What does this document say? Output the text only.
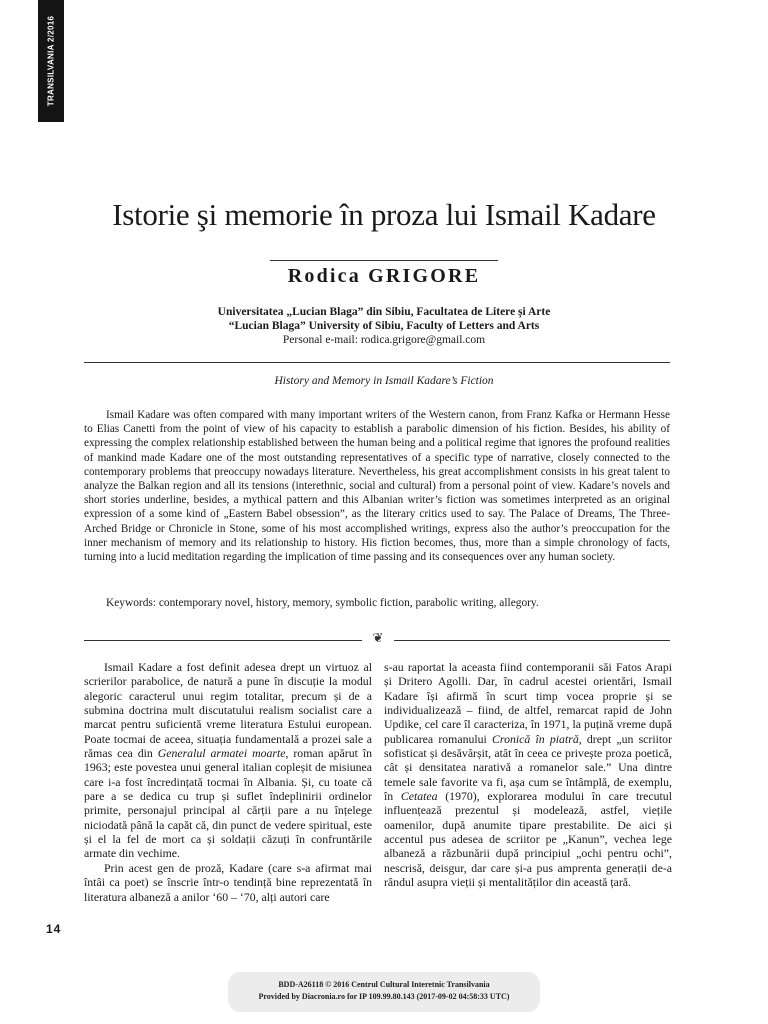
TRANSILVANIA 2/2016
Istorie şi memorie în proza lui Ismail Kadare
Rodica GRIGORE
Universitatea „Lucian Blaga” din Sibiu, Facultatea de Litere și Arte
“Lucian Blaga” University of Sibiu, Faculty of Letters and Arts
Personal e-mail: rodica.grigore@gmail.com
History and Memory in Ismail Kadare’s Fiction

Ismail Kadare was often compared with many important writers of the Western canon, from Franz Kafka or Hermann Hesse to Elias Canetti from the point of view of his capacity to establish a parabolic dimension of his fiction. Besides, his ability of expressing the complex relationship established between the human being and a political regime that ignores the profound realities of mankind made Kadare one of the most outstanding representatives of a specific type of narrative, closely connected to the contemporary problems that preoccupy nowadays literature. Nevertheless, his great accomplishment consists in his great talent to analyze the Balkan region and all its tensions (interethnic, social and cultural) from a personal point of view. Kadare’s novels and short stories underline, besides, a mythical pattern and this Albanian writer’s fiction was sometimes interpreted as an original expression of a some kind of „Eastern Babel obsession”, as the literary critics used to say. The Palace of Dreams, The Three-Arched Bridge or Chronicle in Stone, some of his most accomplished writings, express also the author’s preoccupation for the inner mechanism of memory and its relationship to history. His fiction becomes, thus, more than a simple chronology of facts, turning into a lucid meditation regarding the implication of time passing and its consequences over any human society.

Keywords: contemporary novel, history, memory, symbolic fiction, parabolic writing, allegory.

❦

Ismail Kadare a fost definit adesea drept un virtuoz al scrierilor parabolice, de natură a pune în discuție la modul alegoric caracterul unui regim totalitar, precum și de a submina doctrina mult discutatului realism socialist care a marcat pentru suficientă vreme literatura Estului european. Poate tocmai de aceea, situația fundamentală a prozei sale a rămas cea din Generalul armatei moarte, roman apărut în 1963; este povestea unui general italian copleșit de misiunea care i-a fost încredințată tocmai în Albania. Și, cu toate că pare a se dedica cu trup și suflet îndeplinirii ordinelor primite, personajul principal al cărții pare a nu înțelege niciodată până la capăt că, din punct de vedere spiritual, este și el la fel de mort ca și soldații căzuți în confruntările armate din vechime.

Prin acest gen de proză, Kadare (care s-a afirmat mai întâi ca poet) se înscrie într-o tendință bine reprezentată în literatura albaneză a anilor ‘60 – ‘70, alți autori care

s-au raportat la aceasta fiind contemporanii săi Fatos Arapi și Dritero Agolli. Dar, în cadrul acestei orientări, Ismail Kadare își afirmă în scurt timp vocea proprie și se individualizează – fiind, de altfel, remarcat rapid de John Updike, cel care îl caracteriza, în 1971, la puțină vreme după publicarea romanului Cronică în piatră, drept „un scriitor sofisticat și desăvârșit, atât în ceea ce privește proza poetică, cât și densitatea narativă a romanelor sale.” Una dintre temele sale favorite va fi, așa cum se întâmplă, de exemplu, în Cetatea (1970), explorarea modului în care trecutul influențează prezentul și modelează, astfel, viețile oamenilor, după anumite tipare prestabilite. De aici și accentul pus adesea de scriitor pe „Kanun”, vechea lege albaneză a răzbunării după principiul „ochi pentru ochi”, nescrisă, deisgur, dar care și-a pus amprenta generații de-a rândul asupra vieții și mentalităților din această țară.

14
BDD-A26118 © 2016 Centrul Cultural Interetnic Transilvania
Provided by Diacronia.ro for IP 109.99.80.143 (2017-09-02 04:58:33 UTC)
